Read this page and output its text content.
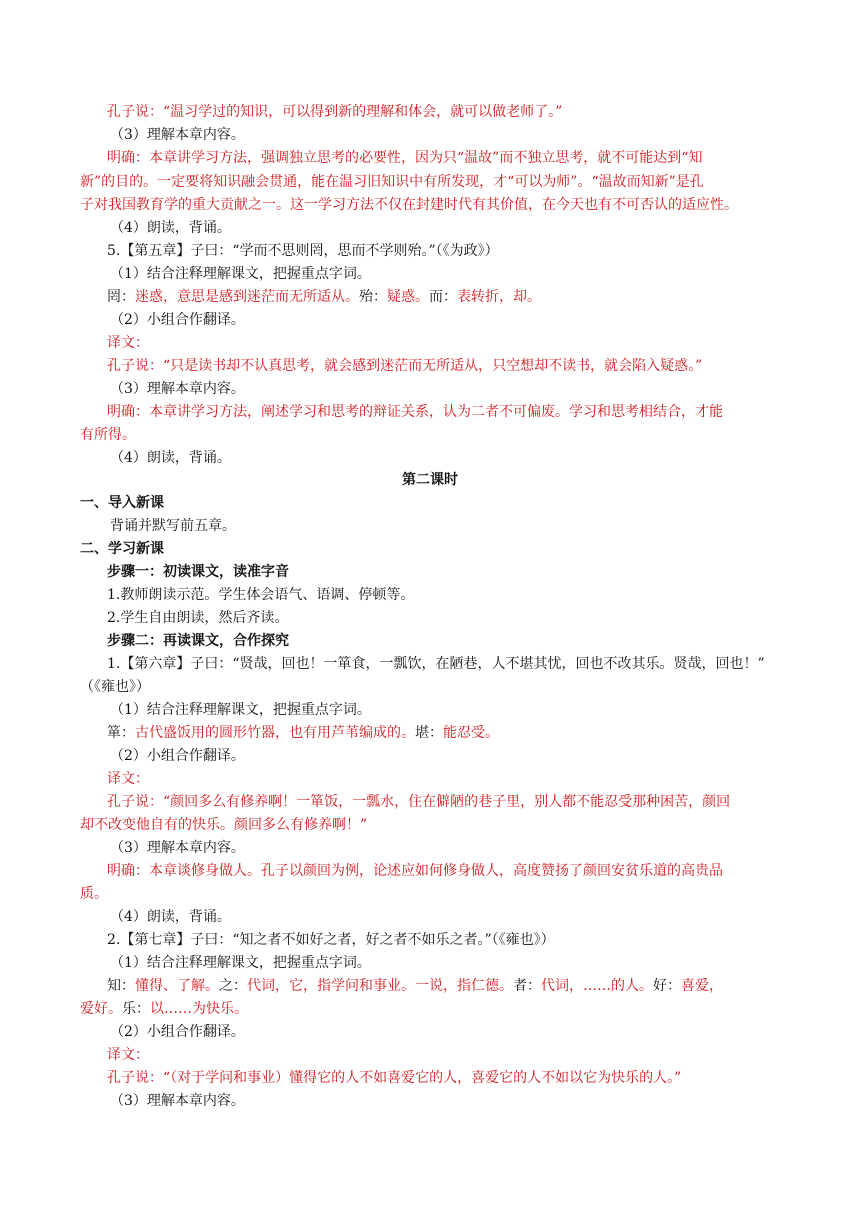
孔子说：“温习学过的知识，可以得到新的理解和体会，就可以做老师了。”
（3）理解本章内容。
明确：本章讲学习方法，强调独立思考的必要性，因为只“温故”而不独立思考，就不可能达到“知
新”的目的。一定要将知识融会贯通，能在温习旧知识中有所发现，才“可以为师”。“温故而知新”是孔
子对我国教育学的重大贡献之一。这一学习方法不仅在封建时代有其价值，在今天也有不可否认的适应性。
（4）朗读，背诵。
5.【第五章】子曰：“学而不思则罔，思而不学则殆。”（《为政》）
（1）结合注释理解课文，把握重点字词。
罔：迷惑，意思是感到迷茫而无所适从。殆：疑惑。而：表转折，却。
（2）小组合作翻译。
译文：
孔子说：“只是读书却不认真思考，就会感到迷茫而无所适从，只空想却不读书，就会陷入疑惑。”
（3）理解本章内容。
明确：本章讲学习方法，阐述学习和思考的辩证关系，认为二者不可偏废。学习和思考相结合，才能
有所得。
（4）朗读，背诵。
第二课时
一、导入新课
背诵并默写前五章。
二、学习新课
步骤一：初读课文，读准字音
1.教师朗读示范。学生体会语气、语调、停顿等。
2.学生自由朗读，然后齐读。
步骤二：再读课文，合作探究
1.【第六章】子曰：“贤哉，回也！一箪食，一瓢饮，在陋巷，人不堪其忧，回也不改其乐。贤哉，回也！”
（《雍也》）
（1）结合注释理解课文，把握重点字词。
箪：古代盛饭用的圆形竹器，也有用芦苇编成的。堪：能忍受。
（2）小组合作翻译。
译文：
孔子说：“颜回多么有修养啊！一箪饭，一瓢水，住在僻陋的巷子里，别人都不能忍受那种困苦，颜回
却不改变他自有的快乐。颜回多么有修养啊！”
（3）理解本章内容。
明确：本章谈修身做人。孔子以颜回为例，论述应如何修身做人，高度赞扬了颜回安贫乐道的高贵品
质。
（4）朗读，背诵。
2.【第七章】子曰：“知之者不如好之者，好之者不如乐之者。”（《雍也》）
（1）结合注释理解课文，把握重点字词。
知：懂得、了解。之：代词，它，指学问和事业。一说，指仁德。者：代词，……的人。好：喜爱，
爱好。乐：以……为快乐。
（2）小组合作翻译。
译文：
孔子说：“（对于学问和事业）懂得它的人不如喜爱它的人，喜爱它的人不如以它为快乐的人。”
（3）理解本章内容。
